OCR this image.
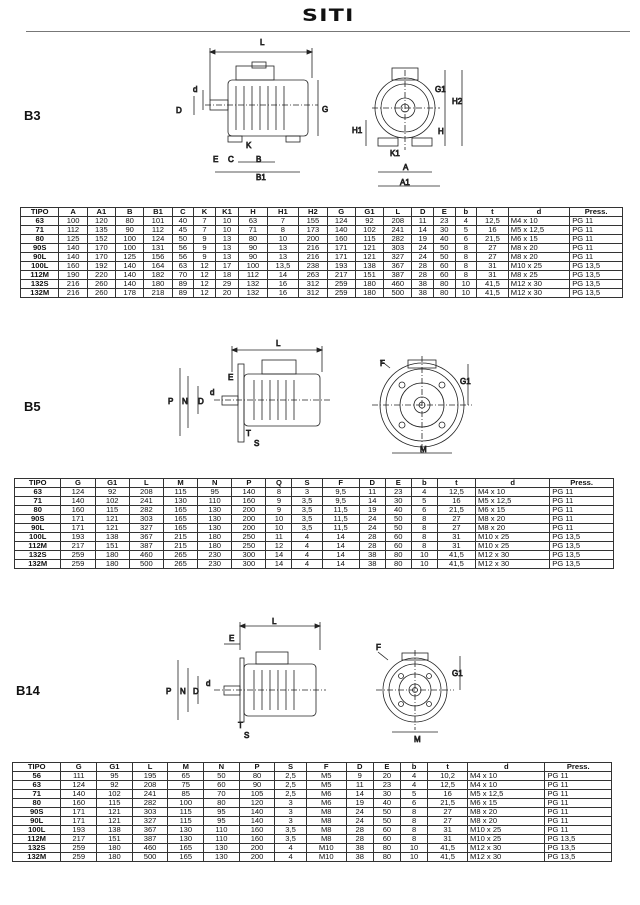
SITI
B3
B5
B14
L
D
d
G
E C	B
B1
K
G1
H2
H1	H
K1
A
A1
L
P N D
d
E
T
S
F
G1
M
L
E
P N D
d
T
S
F
G1
M
TIPO	A	A1	B	B1	C	K	K1	H	H1	H2	G	G1	L	D	E	b	t	d	Press.
63	100	120	80	101	40	7	10	63	7	155	124	92	208	11	23	4	12,5	M4 x 10	PG 11
71	112	135	90	112	45	7	10	71	8	173	140	102	241	14	30	5	16	M5 x 12,5	PG 11
80	125	152	100	124	50	9	13	80	10	200	160	115	282	19	40	6	21,5	M6 x 15	PG 11
90S	140	170	100	131	56	9	13	90	13	216	171	121	303	24	50	8	27	M8 x 20	PG 11
90L	140	170	125	156	56	9	13	90	13	216	171	121	327	24	50	8	27	M8 x 20	PG 11
100L	160	192	140	164	63	12	17	100	13,5	238	193	138	367	28	60	8	31	M10 x 25	PG 13,5
112M	190	220	140	182	70	12	18	112	14	263	217	151	387	28	60	8	31	M8 x 25	PG 13,5
132S	216	260	140	180	89	12	29	132	16	312	259	180	460	38	80	10	41,5	M12 x 30	PG 13,5
132M	216	260	178	218	89	12	20	132	16	312	259	180	500	38	80	10	41,5	M12 x 30	PG 13,5
TIPO	G	G1	L	M	N	P	Q	S	F	D	E	b	t	d	Press.
63	124	92	208	115	95	140	8	3	9,5	11	23	4	12,5	M4 x 10	PG 11
71	140	102	241	130	110	160	9	3,5	9,5	14	30	5	16	M5 x 12,5	PG 11
80	160	115	282	165	130	200	9	3,5	11,5	19	40	6	21,5	M6 x 15	PG 11
90S	171	121	303	165	130	200	10	3,5	11,5	24	50	8	27	M8 x 20	PG 11
90L	171	121	327	165	130	200	10	3,5	11,5	24	50	8	27	M8 x 20	PG 11
100L	193	138	367	215	180	250	11	4	14	28	60	8	31	M10 x 25	PG 13,5
112M	217	151	387	215	180	250	12	4	14	28	60	8	31	M10 x 25	PG 13,5
132S	259	180	460	265	230	300	14	4	14	38	80	10	41,5	M12 x 30	PG 13,5
132M	259	180	500	265	230	300	14	4	14	38	80	10	41,5	M12 x 30	PG 13,5
TIPO	G	G1	L	M	N	P	S	F	D	E	b	t	d	Press.
56	111	95	195	65	50	80	2,5	M5	9	20	4	10,2	M4 x 10	PG 11
63	124	92	208	75	60	90	2,5	M5	11	23	4	12,5	M4 x 10	PG 11
71	140	102	241	85	70	105	2,5	M6	14	30	5	16	M5 x 12,5	PG 11
80	160	115	282	100	80	120	3	M6	19	40	6	21,5	M6 x 15	PG 11
90S	171	121	303	115	95	140	3	M8	24	50	8	27	M8 x 20	PG 11
90L	171	121	327	115	95	140	3	M8	24	50	8	27	M8 x 20	PG 11
100L	193	138	367	130	110	160	3,5	M8	28	60	8	31	M10 x 25	PG 11
112M	217	151	387	130	110	160	3,5	M8	28	60	8	31	M10 x 25	PG 13,5
132S	259	180	460	165	130	200	4	M10	38	80	10	41,5	M12 x 30	PG 13,5
132M	259	180	500	165	130	200	4	M10	38	80	10	41,5	M12 x 30	PG 13,5
